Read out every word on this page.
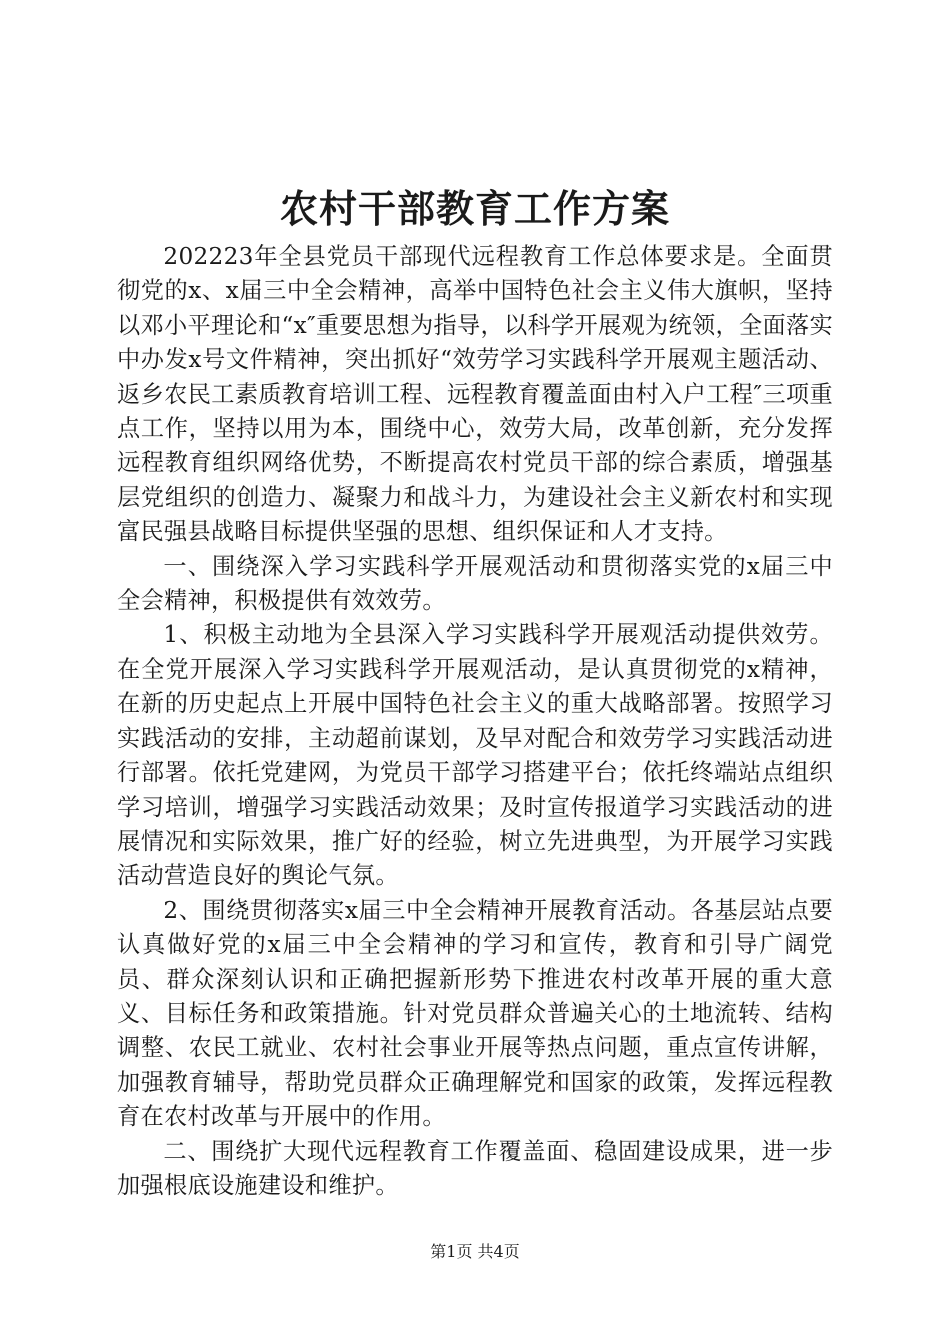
农村干部教育工作方案

202223年全县党员干部现代远程教育工作总体要求是。全面贯彻党的x、x届三中全会精神，高举中国特色社会主义伟大旗帜，坚持以邓小平理论和“x″重要思想为指导，以科学开展观为统领，全面落实中办发x号文件精神，突出抓好“效劳学习实践科学开展观主题活动、返乡农民工素质教育培训工程、远程教育覆盖面由村入户工程″三项重点工作，坚持以用为本，围绕中心，效劳大局，改革创新，充分发挥远程教育组织网络优势，不断提高农村党员干部的综合素质，增强基层党组织的创造力、凝聚力和战斗力，为建设社会主义新农村和实现富民强县战略目标提供坚强的思想、组织保证和人才支持。

一、围绕深入学习实践科学开展观活动和贯彻落实党的x届三中全会精神，积极提供有效效劳。

1、积极主动地为全县深入学习实践科学开展观活动提供效劳。在全党开展深入学习实践科学开展观活动，是认真贯彻党的x精神，在新的历史起点上开展中国特色社会主义的重大战略部署。按照学习实践活动的安排，主动超前谋划，及早对配合和效劳学习实践活动进行部署。依托党建网，为党员干部学习搭建平台；依托终端站点组织学习培训，增强学习实践活动效果；及时宣传报道学习实践活动的进展情况和实际效果，推广好的经验，树立先进典型，为开展学习实践活动营造良好的舆论气氛。

2、围绕贯彻落实x届三中全会精神开展教育活动。各基层站点要认真做好党的x届三中全会精神的学习和宣传，教育和引导广阔党员、群众深刻认识和正确把握新形势下推进农村改革开展的重大意义、目标任务和政策措施。针对党员群众普遍关心的土地流转、结构调整、农民工就业、农村社会事业开展等热点问题，重点宣传讲解，加强教育辅导，帮助党员群众正确理解党和国家的政策，发挥远程教育在农村改革与开展中的作用。

二、围绕扩大现代远程教育工作覆盖面、稳固建设成果，进一步加强根底设施建设和维护。

第1页 共4页
